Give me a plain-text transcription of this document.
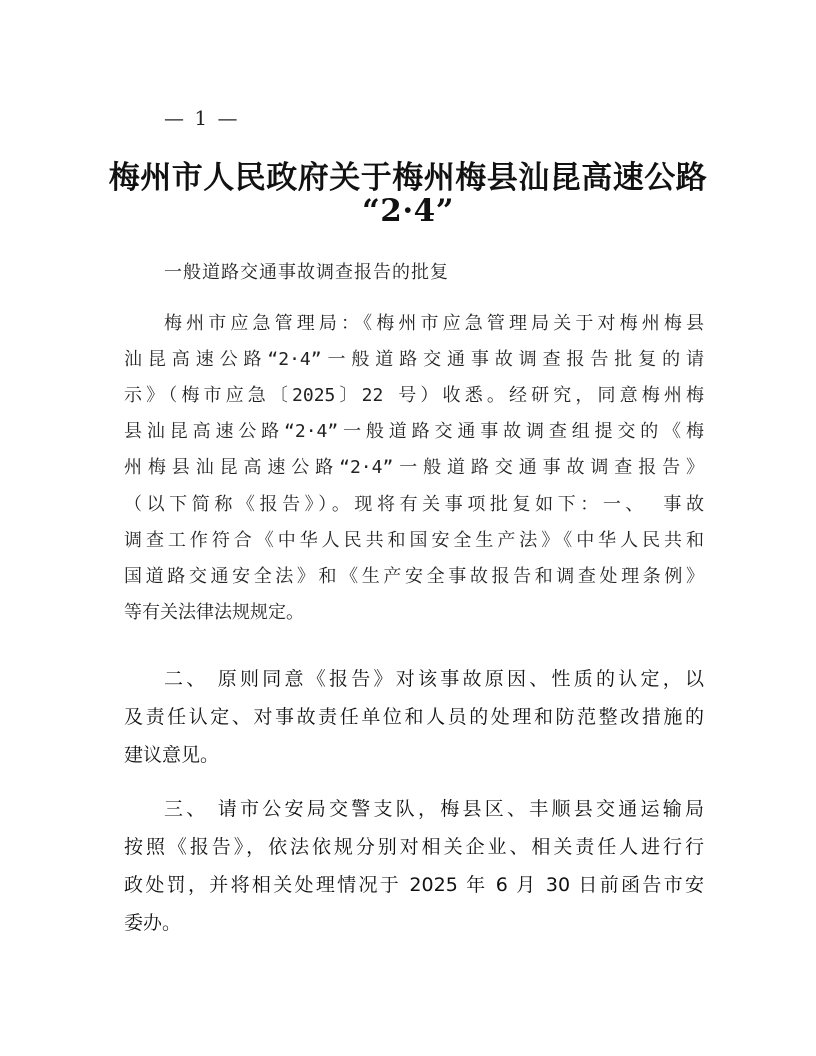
— 1 —
梅州市人民政府关于梅州梅县汕昆高速公路
“2·4”
一般道路交通事故调查报告的批复
梅州市应急管理局：《梅州市应急管理局关于对梅州梅县
汕昆高速公路“2·4”一般道路交通事故调查报告批复的请
示》（梅市应急〔2025〕22 号）收悉。经研究，同意梅州梅
县汕昆高速公路“2·4”一般道路交通事故调查组提交的《梅
州梅县汕昆高速公路“2·4”一般道路交通事故调查报告》
（以下简称《报告》）。现将有关事项批复如下：一、 事故
调查工作符合《中华人民共和国安全生产法》《中华人民共和
国道路交通安全法》和《生产安全事故报告和调查处理条例》
等有关法律法规规定。
二、 原则同意《报告》对该事故原因、性质的认定，以
及责任认定、对事故责任单位和人员的处理和防范整改措施的
建议意见。
三、 请市公安局交警支队，梅县区、丰顺县交通运输局
按照《报告》，依法依规分别对相关企业、相关责任人进行行
政处罚，并将相关处理情况于 2025 年 6 月 30 日前函告市安
委办。
